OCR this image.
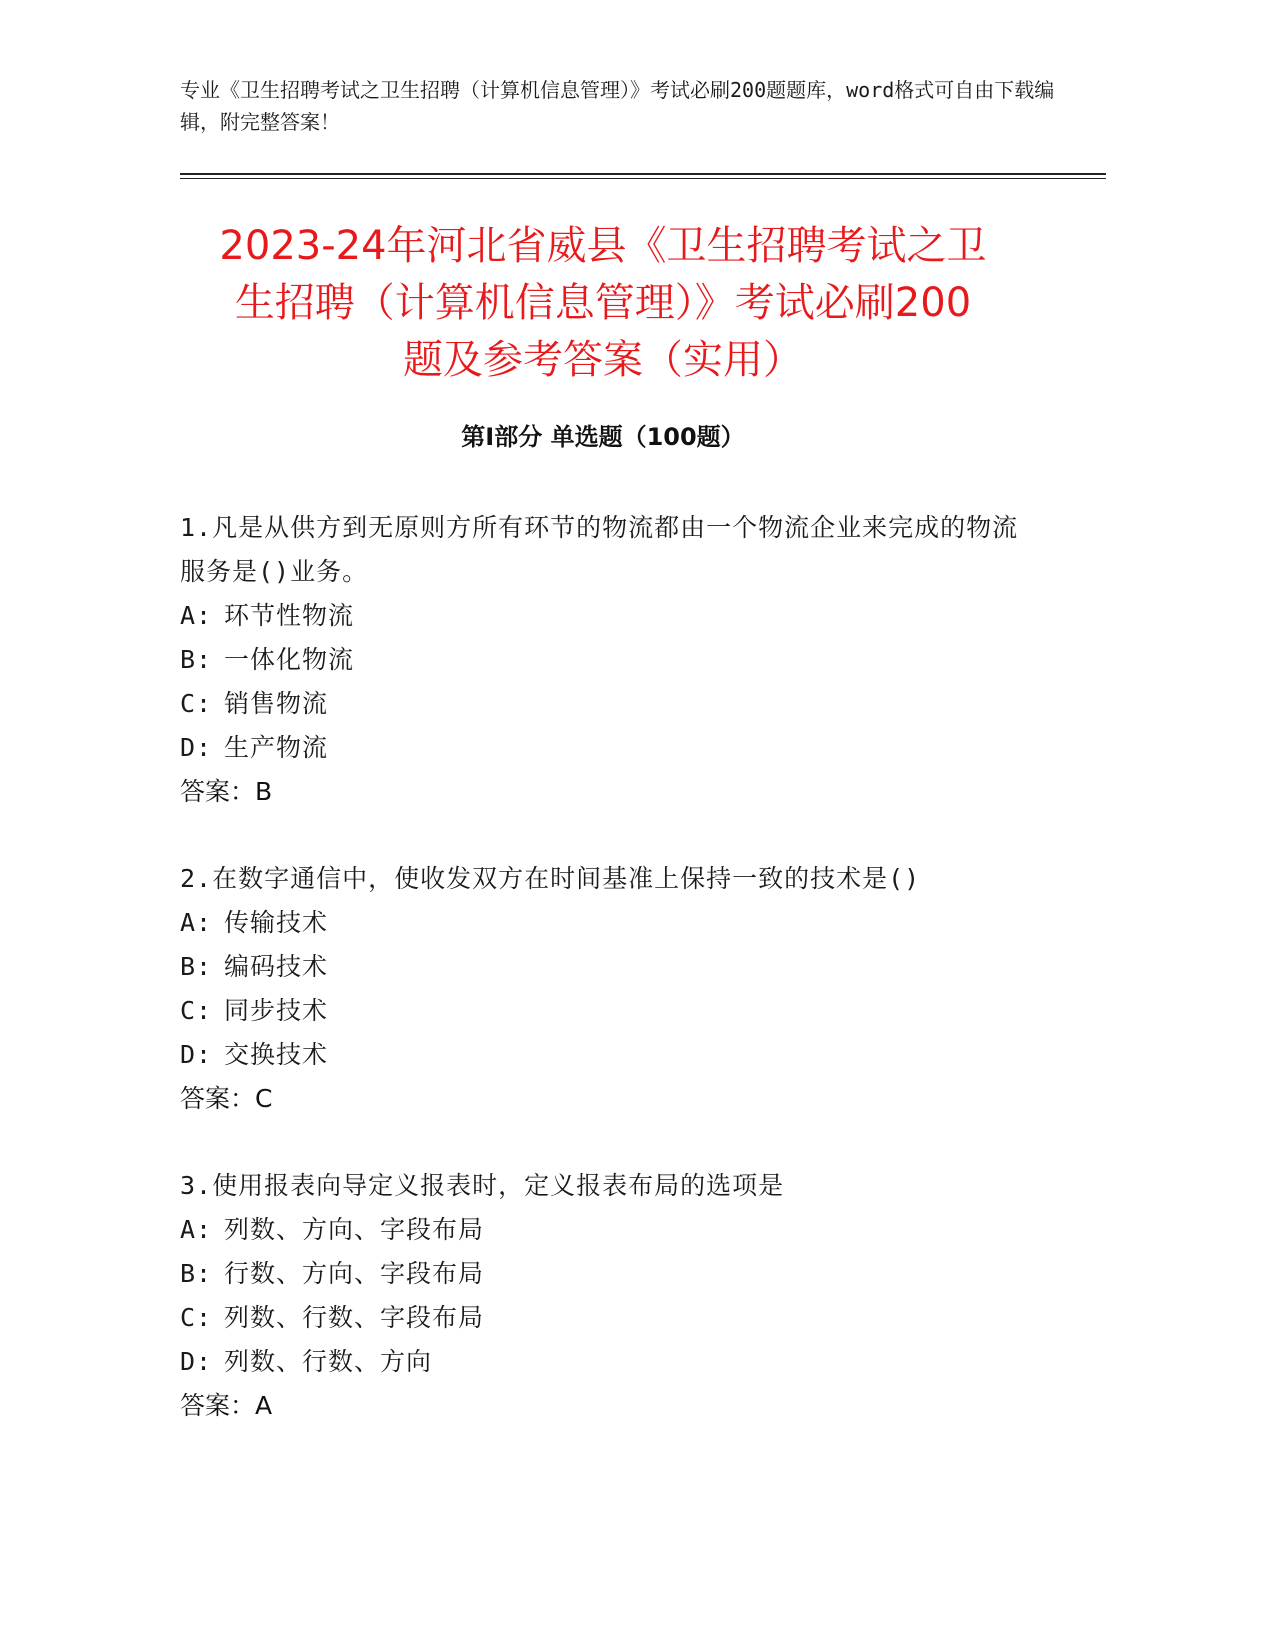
专业《卫生招聘考试之卫生招聘（计算机信息管理）》考试必刷200题题库，word格式可自由下载编辑，附完整答案！
2023-24年河北省威县《卫生招聘考试之卫
生招聘（计算机信息管理）》考试必刷200
题及参考答案（实用）
第Ⅰ部分 单选题（100题）
1.凡是从供方到无原则方所有环节的物流都由一个物流企业来完成的物流服务是()业务。
A: 环节性物流
B: 一体化物流
C: 销售物流
D: 生产物流
答案：B
2.在数字通信中，使收发双方在时间基准上保持一致的技术是()
A: 传输技术
B: 编码技术
C: 同步技术
D: 交换技术
答案：C
3.使用报表向导定义报表时，定义报表布局的选项是
A: 列数、方向、字段布局
B: 行数、方向、字段布局
C: 列数、行数、字段布局
D: 列数、行数、方向
答案：A
